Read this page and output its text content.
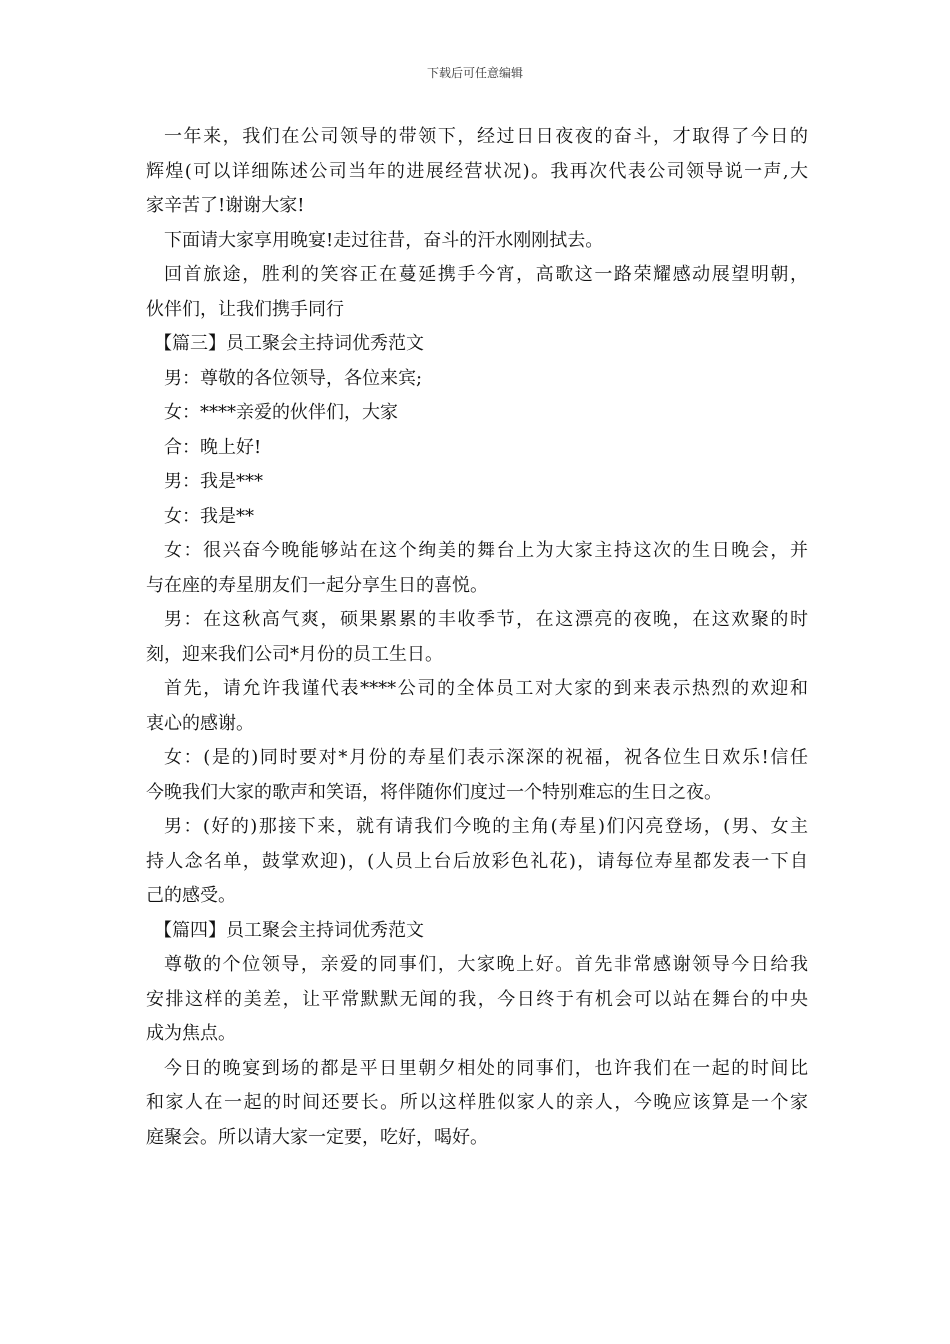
下载后可任意编辑
一年来，我们在公司领导的带领下，经过日日夜夜的奋斗，才取得了今日的
辉煌(可以详细陈述公司当年的进展经营状况)。我再次代表公司领导说一声,大
家辛苦了!谢谢大家!
下面请大家享用晚宴!走过往昔，奋斗的汗水刚刚拭去。
回首旅途，胜利的笑容正在蔓延携手今宵，高歌这一路荣耀感动展望明朝，
伙伴们，让我们携手同行
【篇三】员工聚会主持词优秀范文
男：尊敬的各位领导，各位来宾;
女：****亲爱的伙伴们，大家
合：晚上好!
男：我是***
女：我是**
女：很兴奋今晚能够站在这个绚美的舞台上为大家主持这次的生日晚会，并
与在座的寿星朋友们一起分享生日的喜悦。
男：在这秋高气爽，硕果累累的丰收季节，在这漂亮的夜晚，在这欢聚的时
刻，迎来我们公司*月份的员工生日。
首先，请允许我谨代表****公司的全体员工对大家的到来表示热烈的欢迎和
衷心的感谢。
女：(是的)同时要对*月份的寿星们表示深深的祝福，祝各位生日欢乐!信任
今晚我们大家的歌声和笑语，将伴随你们度过一个特别难忘的生日之夜。
男：(好的)那接下来，就有请我们今晚的主角(寿星)们闪亮登场，(男、女主
持人念名单，鼓掌欢迎)，(人员上台后放彩色礼花)，请每位寿星都发表一下自
己的感受。
【篇四】员工聚会主持词优秀范文
尊敬的个位领导，亲爱的同事们，大家晚上好。首先非常感谢领导今日给我
安排这样的美差，让平常默默无闻的我，今日终于有机会可以站在舞台的中央
成为焦点。
今日的晚宴到场的都是平日里朝夕相处的同事们，也许我们在一起的时间比
和家人在一起的时间还要长。所以这样胜似家人的亲人，今晚应该算是一个家
庭聚会。所以请大家一定要，吃好，喝好。
